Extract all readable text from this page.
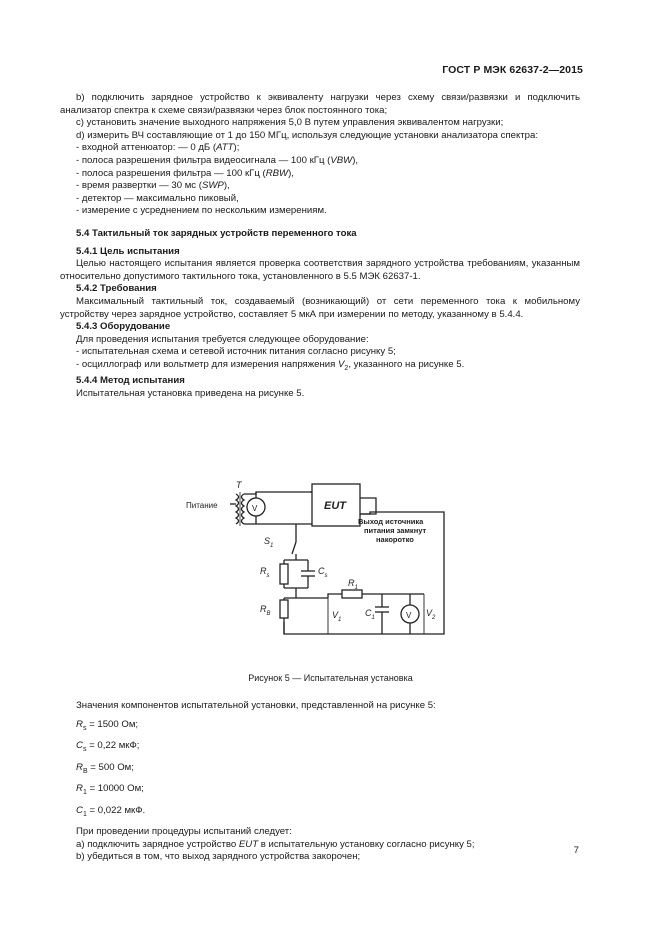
ГОСТ Р МЭК 62637-2—2015

b) подключить зарядное устройство к эквиваленту нагрузки через схему связи/развязки и подключить анализатор спектра к схеме связи/развязки через блок постоянного тока;

c) установить значение выходного напряжения 5,0 В путем управления эквивалентом нагрузки;

d) измерить ВЧ составляющие от 1 до 150 МГц, используя следующие установки анализатора спектра:

- входной аттенюатор: — 0 дБ (ATT);

- полоса разрешения фильтра видеосигнала — 100 кГц (VBW),

- полоса разрешения фильтра — 100 кГц (RBW),

- время развертки — 30 мс (SWP),

- детектор — максимально пиковый,

- измерение с усреднением по нескольким измерениям.

5.4 Тактильный ток зарядных устройств переменного тока

5.4.1 Цель испытания

Целью настоящего испытания является проверка соответствия зарядного устройства требованиям, указанным относительно допустимого тактильного тока, установленного в 5.5 МЭК 62637-1.

5.4.2 Требования

Максимальный тактильный ток, создаваемый (возникающий) от сети переменного тока к мобильному устройству через зарядное устройство, составляет 5 мкА при измерении по методу, указанному в 5.4.4.

5.4.3 Оборудование

Для проведения испытания требуется следующее оборудование:

- испытательная схема и сетевой источник питания согласно рисунку 5;

- осциллограф или вольтметр для измерения напряжения $V_2$, указанного на рисунке 5.

5.4.4 Метод испытания

Испытательная установка приведена на рисунке 5.

Питание
T
V	EUT
Выход источника
питания замкнут
накоротко
$S_1$
$R_s$	$C_s$
$R_B$
$R_1$
$C_1$
$V_1$
$V_2$
V
Рисунок 5 — Испытательная установка

Значения компонентов испытательной установки, представленной на рисунке 5:

$R_s = 1500$ Ом;

$C_s = 0,22$ мкФ;

$R_B = 500$ Ом;

$R_1 = 10000$ Ом;

$C_1 = 0,022$ мкФ.

При проведении процедуры испытаний следует:

a) подключить зарядное устройство EUT в испытательную установку согласно рисунку 5;

b) убедиться в том, что выход зарядного устройства закорочен;

7
